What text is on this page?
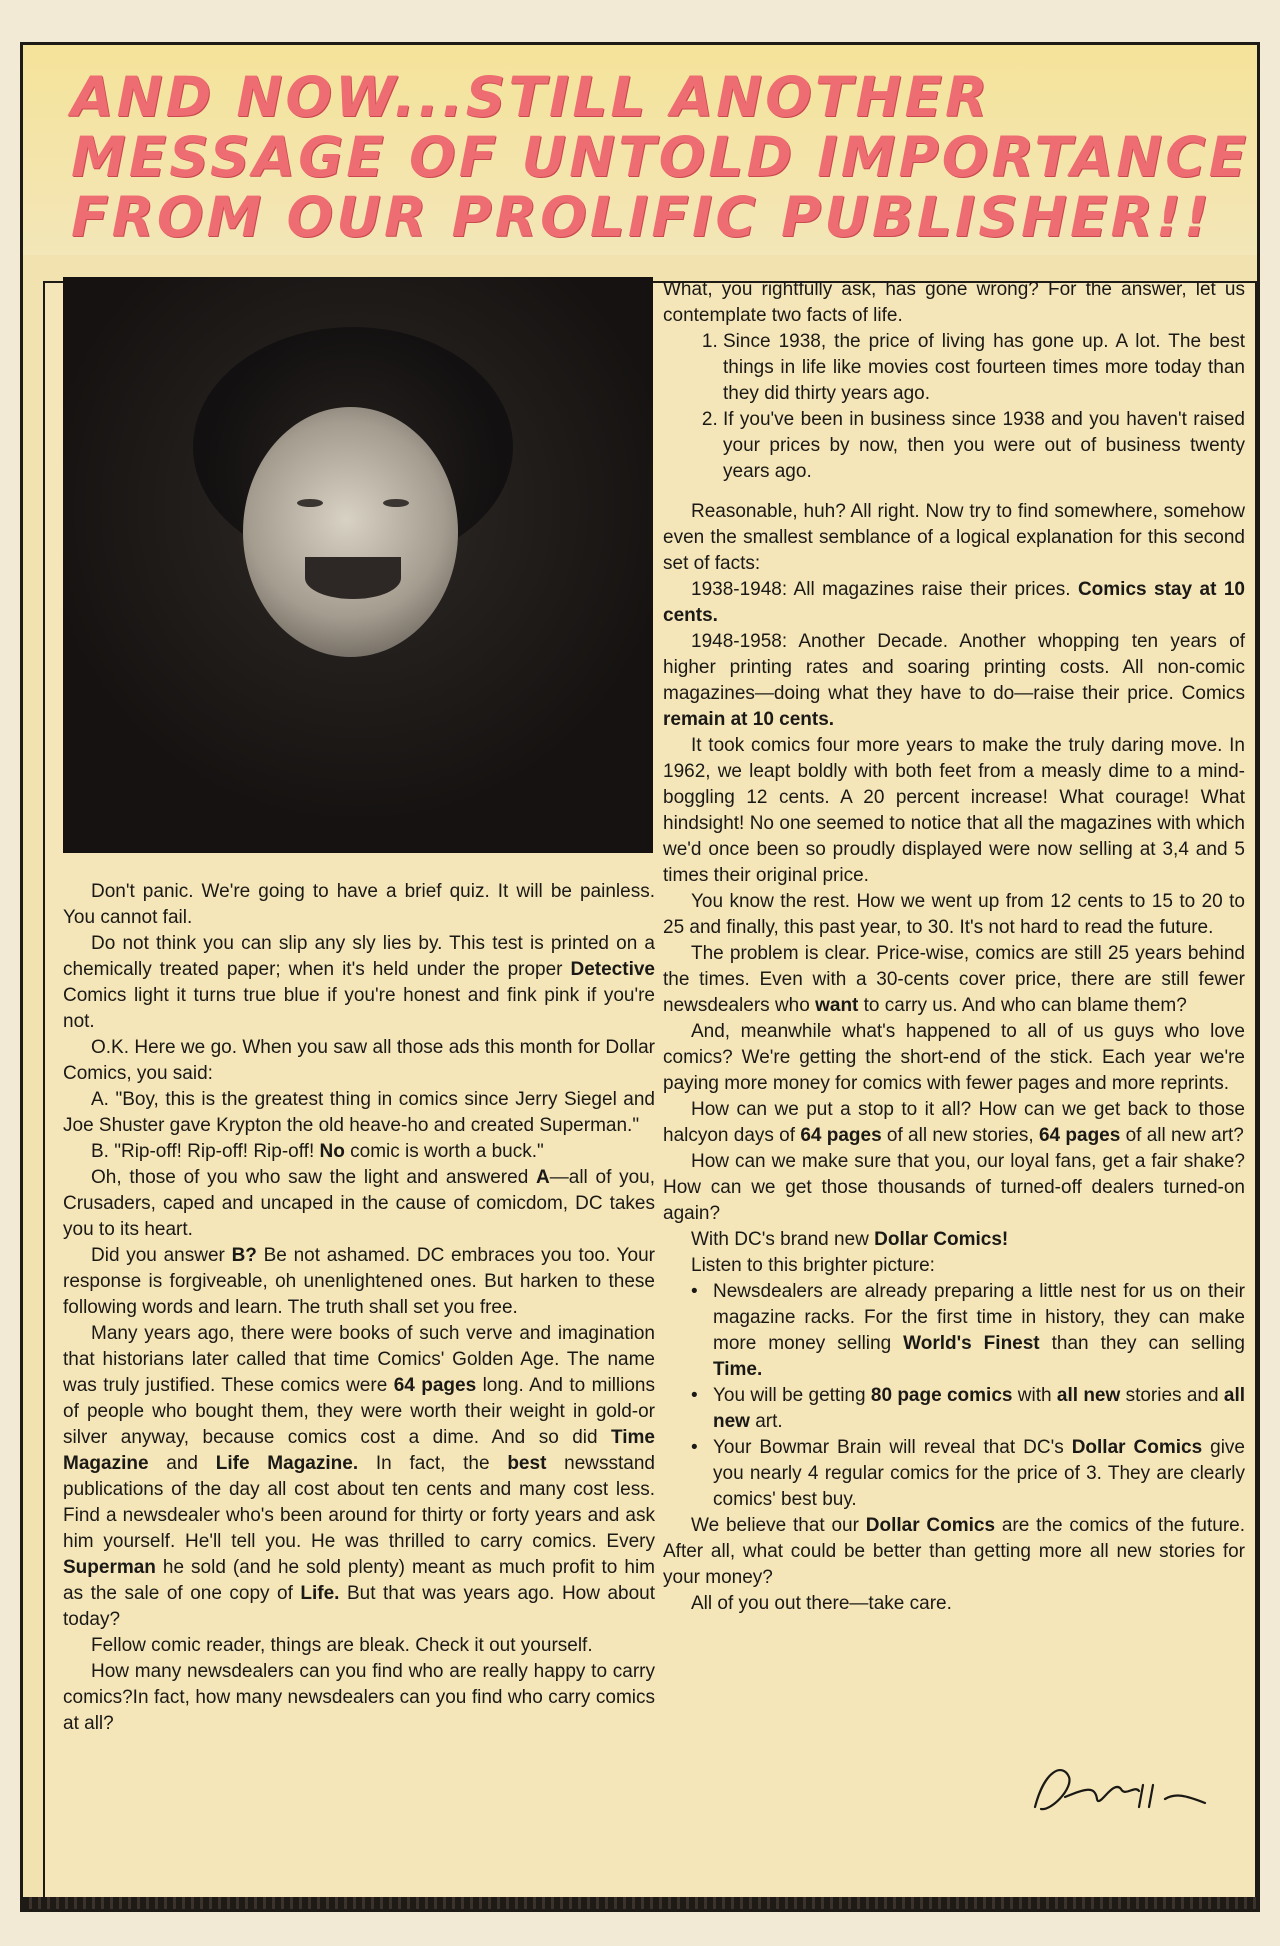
AND NOW...STILL ANOTHER
MESSAGE OF UNTOLD IMPORTANCE
FROM OUR PROLIFIC PUBLISHER!!

Don't panic. We're going to have a brief quiz. It will be painless. You cannot fail.

Do not think you can slip any sly lies by. This test is printed on a chemically treated paper; when it's held under the proper Detective Comics light it turns true blue if you're honest and fink pink if you're not.

O.K. Here we go. When you saw all those ads this month for Dollar Comics, you said:

A. "Boy, this is the greatest thing in comics since Jerry Siegel and Joe Shuster gave Krypton the old heave-ho and created Superman."

B. "Rip-off! Rip-off! Rip-off! No comic is worth a buck."

Oh, those of you who saw the light and answered A—all of you, Crusaders, caped and uncaped in the cause of comicdom, DC takes you to its heart.

Did you answer B? Be not ashamed. DC embraces you too. Your response is forgiveable, oh unenlightened ones. But harken to these following words and learn. The truth shall set you free.

Many years ago, there were books of such verve and imagination that historians later called that time Comics' Golden Age. The name was truly justified. These comics were 64 pages long. And to millions of people who bought them, they were worth their weight in gold-or silver anyway, because comics cost a dime. And so did Time Magazine and Life Magazine. In fact, the best newsstand publications of the day all cost about ten cents and many cost less. Find a newsdealer who's been around for thirty or forty years and ask him yourself. He'll tell you. He was thrilled to carry comics. Every Superman he sold (and he sold plenty) meant as much profit to him as the sale of one copy of Life. But that was years ago. How about today?

Fellow comic reader, things are bleak. Check it out yourself.

How many newsdealers can you find who are really happy to carry comics?In fact, how many newsdealers can you find who carry comics at all?

What, you rightfully ask, has gone wrong? For the answer, let us contemplate two facts of life.

1. Since 1938, the price of living has gone up. A lot. The best things in life like movies cost fourteen times more today than they did thirty years ago.
2. If you've been in business since 1938 and you haven't raised your prices by now, then you were out of business twenty years ago.

Reasonable, huh? All right. Now try to find somewhere, somehow even the smallest semblance of a logical explanation for this second set of facts:

1938-1948: All magazines raise their prices. Comics stay at 10 cents.

1948-1958: Another Decade. Another whopping ten years of higher printing rates and soaring printing costs. All non-comic magazines—doing what they have to do—raise their price. Comics remain at 10 cents.

It took comics four more years to make the truly daring move. In 1962, we leapt boldly with both feet from a measly dime to a mind-boggling 12 cents. A 20 percent increase! What courage! What hindsight! No one seemed to notice that all the magazines with which we'd once been so proudly displayed were now selling at 3,4 and 5 times their original price.

You know the rest. How we went up from 12 cents to 15 to 20 to 25 and finally, this past year, to 30. It's not hard to read the future.

The problem is clear. Price-wise, comics are still 25 years behind the times. Even with a 30-cents cover price, there are still fewer newsdealers who want to carry us. And who can blame them?

And, meanwhile what's happened to all of us guys who love comics? We're getting the short-end of the stick. Each year we're paying more money for comics with fewer pages and more reprints.

How can we put a stop to it all? How can we get back to those halcyon days of 64 pages of all new stories, 64 pages of all new art?

How can we make sure that you, our loyal fans, get a fair shake? How can we get those thousands of turned-off dealers turned-on again?

With DC's brand new Dollar Comics!

Listen to this brighter picture:

• Newsdealers are already preparing a little nest for us on their magazine racks. For the first time in history, they can make more money selling World's Finest than they can selling Time.
• You will be getting 80 page comics with all new stories and all new art.
• Your Bowmar Brain will reveal that DC's Dollar Comics give you nearly 4 regular comics for the price of 3. They are clearly comics' best buy.

We believe that our Dollar Comics are the comics of the future. After all, what could be better than getting more all new stories for your money?

All of you out there—take care.
